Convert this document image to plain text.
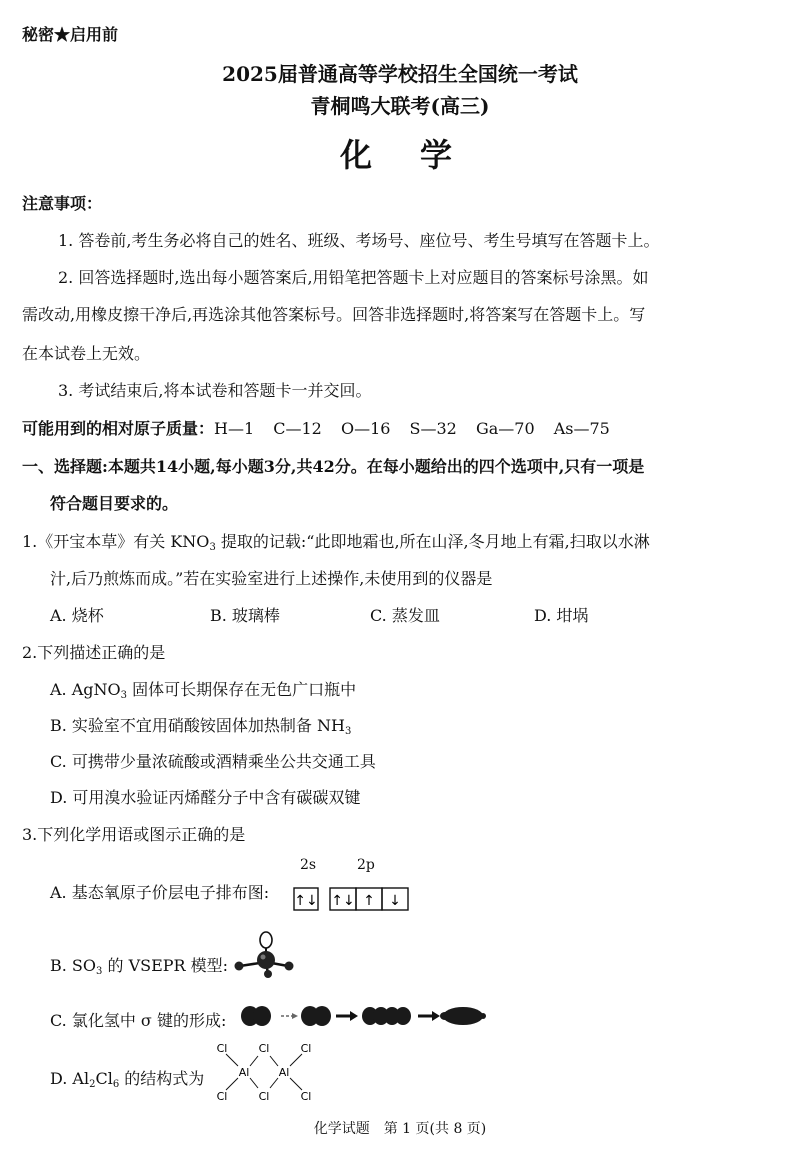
秘密★启用前
2025届普通高等学校招生全国统一考试
青桐鸣大联考(高三)
化　学
注意事项：
1. 答卷前,考生务必将自己的姓名、班级、考场号、座位号、考生号填写在答题卡上。
2. 回答选择题时,选出每小题答案后,用铅笔把答题卡上对应题目的答案标号涂黑。如
需改动,用橡皮擦干净后,再选涂其他答案标号。回答非选择题时,将答案写在答题卡上。写
在本试卷上无效。
3. 考试结束后,将本试卷和答题卡一并交回。
可能用到的相对原子质量：H—1 C—12 O—16 S—32 Ga—70 As—75
一、选择题:本题共14小题,每小题3分,共42分。在每小题给出的四个选项中,只有一项是
符合题目要求的。
1.《开宝本草》有关 $KNO_3$ 提取的记载:“此即地霜也,所在山泽,冬月地上有霜,扫取以水淋
汁,后乃煎炼而成。”若在实验室进行上述操作,未使用到的仪器是
A. 烧杯	B. 玻璃棒	C. 蒸发皿	D. 坩埚
2.下列描述正确的是
A. AgNO$_3$ 固体可长期保存在无色广口瓶中
B. 实验室不宜用硝酸铵固体加热制备 $NH_3$
C. 可携带少量浓硫酸或酒精乘坐公共交通工具
D. 可用溴水验证丙烯醛分子中含有碳碳双键
3.下列化学用语或图示正确的是
A. 基态氧原子价层电子排布图:
2s	2p
↑↓ ↑↓ ↑ ↓
B. $SO_3$ 的 VSEPR 模型:
C. 氯化氢中 σ 键的形成:
D. $Al_2Cl_6$ 的结构式为
Cl	Cl	Cl
Al	Al
Cl	Cl	Cl
化学试题　第 1 页(共 8 页)
